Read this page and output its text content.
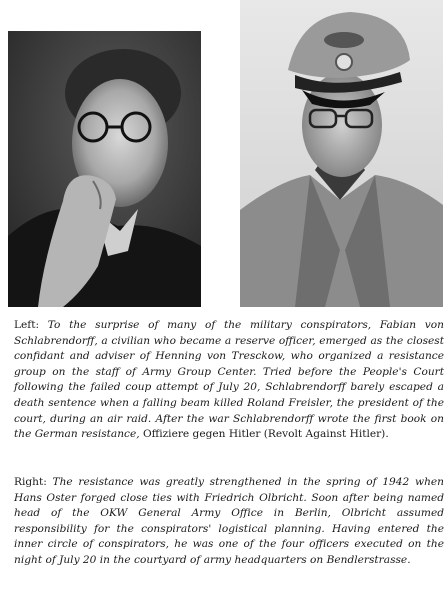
Left: To the surprise of many of the military conspirators, Fabian von Schlabrendorff, a civilian who became a reserve officer, emerged as the closest confidant and adviser of Henning von Tresckow, who organized a resistance group on the staff of Army Group Center. Tried before the People's Court following the failed coup attempt of July 20, Schlabrendorff barely escaped a death sentence when a falling beam killed Roland Freisler, the president of the court, during an air raid. After the war Schlabrendorff wrote the first book on the German resistance, Offiziere gegen Hitler (Revolt Against Hitler).

Right: The resistance was greatly strengthened in the spring of 1942 when Hans Oster forged close ties with Friedrich Olbricht. Soon after being named head of the OKW General Army Office in Berlin, Olbricht assumed responsibility for the conspirators' logistical planning. Having entered the inner circle of conspirators, he was one of the four officers executed on the night of July 20 in the courtyard of army headquarters on Bendlerstrasse.
